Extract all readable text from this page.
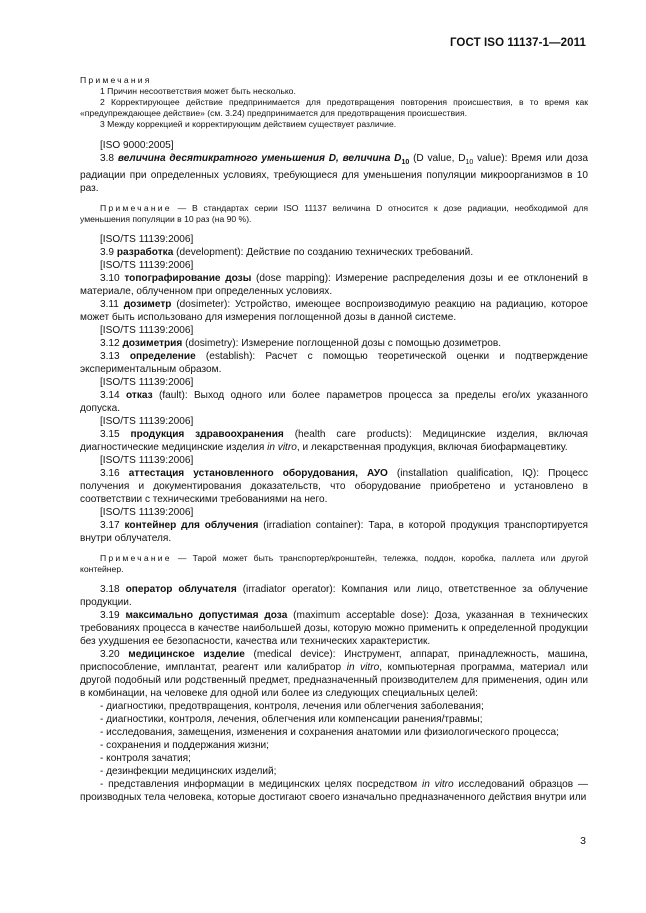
ГОСТ ISO 11137-1—2011

Примечания

1 Причин несоответствия может быть несколько.

2 Корректирующее действие предпринимается для предотвращения повторения происшествия, в то время как «предупреждающее действие» (см. 3.24) предпринимается для предотвращения происшествия.

3 Между коррекцией и корректирующим действием существует различие.

[ISO 9000:2005]

3.8 величина десятикратного уменьшения D, величина $D_{10}$ (D value, $D_{10}$ value): Время или доза радиации при определенных условиях, требующиеся для уменьшения популяции микроорганизмов в 10 раз.

Примечание — В стандартах серии ISO 11137 величина D относится к дозе радиации, необходимой для уменьшения популяции в 10 раз (на 90 %).

[ISO/TS 11139:2006]

3.9 разработка (development): Действие по созданию технических требований.

[ISO/TS 11139:2006]

3.10 топографирование дозы (dose mapping): Измерение распределения дозы и ее отклонений в материале, облученном при определенных условиях.

3.11 дозиметр (dosimeter): Устройство, имеющее воспроизводимую реакцию на радиацию, которое может быть использовано для измерения поглощенной дозы в данной системе.

[ISO/TS 11139:2006]

3.12 дозиметрия (dosimetry): Измерение поглощенной дозы с помощью дозиметров.

3.13 определение (establish): Расчет с помощью теоретической оценки и подтверждение экспериментальным образом.

[ISO/TS 11139:2006]

3.14 отказ (fault): Выход одного или более параметров процесса за пределы его/их указанного допуска.

[ISO/TS 11139:2006]

3.15 продукция здравоохранения (health care products): Медицинские изделия, включая диагностические медицинские изделия in vitro, и лекарственная продукция, включая биофармацевтику.

[ISO/TS 11139:2006]

3.16 аттестация установленного оборудования, АУО (installation qualification, IQ): Процесс получения и документирования доказательств, что оборудование приобретено и установлено в соответствии с техническими требованиями на него.

[ISO/TS 11139:2006]

3.17 контейнер для облучения (irradiation container): Тара, в которой продукция транспортируется внутри облучателя.

Примечание — Тарой может быть транспортер/кронштейн, тележка, поддон, коробка, паллета или другой контейнер.

3.18 оператор облучателя (irradiator operator): Компания или лицо, ответственное за облучение продукции.

3.19 максимально допустимая доза (maximum acceptable dose): Доза, указанная в технических требованиях процесса в качестве наибольшей дозы, которую можно применить к определенной продукции без ухудшения ее безопасности, качества или технических характеристик.

3.20 медицинское изделие (medical device): Инструмент, аппарат, принадлежность, машина, приспособление, имплантат, реагент или калибратор in vitro, компьютерная программа, материал или другой подобный или родственный предмет, предназначенный производителем для применения, один или в комбинации, на человеке для одной или более из следующих специальных целей:

- диагностики, предотвращения, контроля, лечения или облегчения заболевания;

- диагностики, контроля, лечения, облегчения или компенсации ранения/травмы;

- исследования, замещения, изменения и сохранения анатомии или физиологического процесса;

- сохранения и поддержания жизни;

- контроля зачатия;

- дезинфекции медицинских изделий;

- представления информации в медицинских целях посредством in vitro исследований образцов — производных тела человека, которые достигают своего изначально предназначенного действия внутри или

3
